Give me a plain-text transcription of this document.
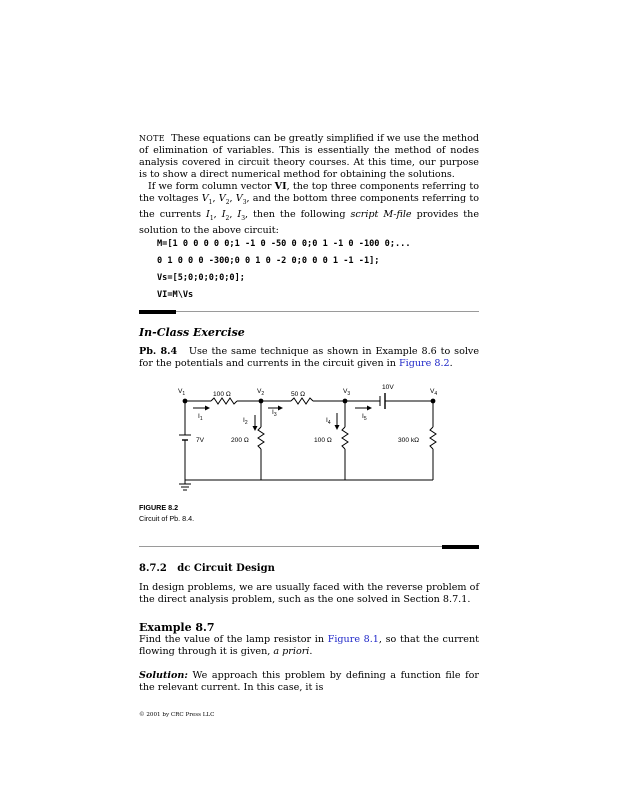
NOTE These equations can be greatly simplified if we use the method of elimination of variables. This is essentially the method of nodes analysis covered in circuit theory courses. At this time, our purpose is to show a direct numerical method for obtaining the solutions.

If we form column vector VI, the top three components referring to the voltages $V_1$, $V_2$, $V_3$, and the bottom three components referring to the currents $I_1$, $I_2$, $I_3$, then the following script M-file provides the solution to the above circuit:

M=[1 0 0 0 0 0;1 -1 0 -50 0 0;0 1 -1 0 -100 0;...

0 1 0 0 0 -300;0 0 1 0 -2 0;0 0 0 1 -1 -1];

Vs=[5;0;0;0;0;0];

VI=M\Vs

In-Class Exercise

Pb. 8.4 Use the same technique as shown in Example 8.6 to solve for the potentials and currents in the circuit given in Figure 8.2.

$V_1$	$V_2$	$V_3$	$V_4$
100 Ω	50 Ω
10V
7V	200 Ω	100 Ω	300 kΩ
$I_1$	$I_2$
$I_3$
$I_4$
$I_5$

FIGURE 8.2

Circuit of Pb. 8.4.

8.7.2 dc Circuit Design

In design problems, we are usually faced with the reverse problem of the direct analysis problem, such as the one solved in Section 8.7.1.

Example 8.7

Find the value of the lamp resistor in Figure 8.1, so that the current flowing through it is given, a priori.

Solution: We approach this problem by defining a function file for the relevant current. In this case, it is

© 2001 by CRC Press LLC
